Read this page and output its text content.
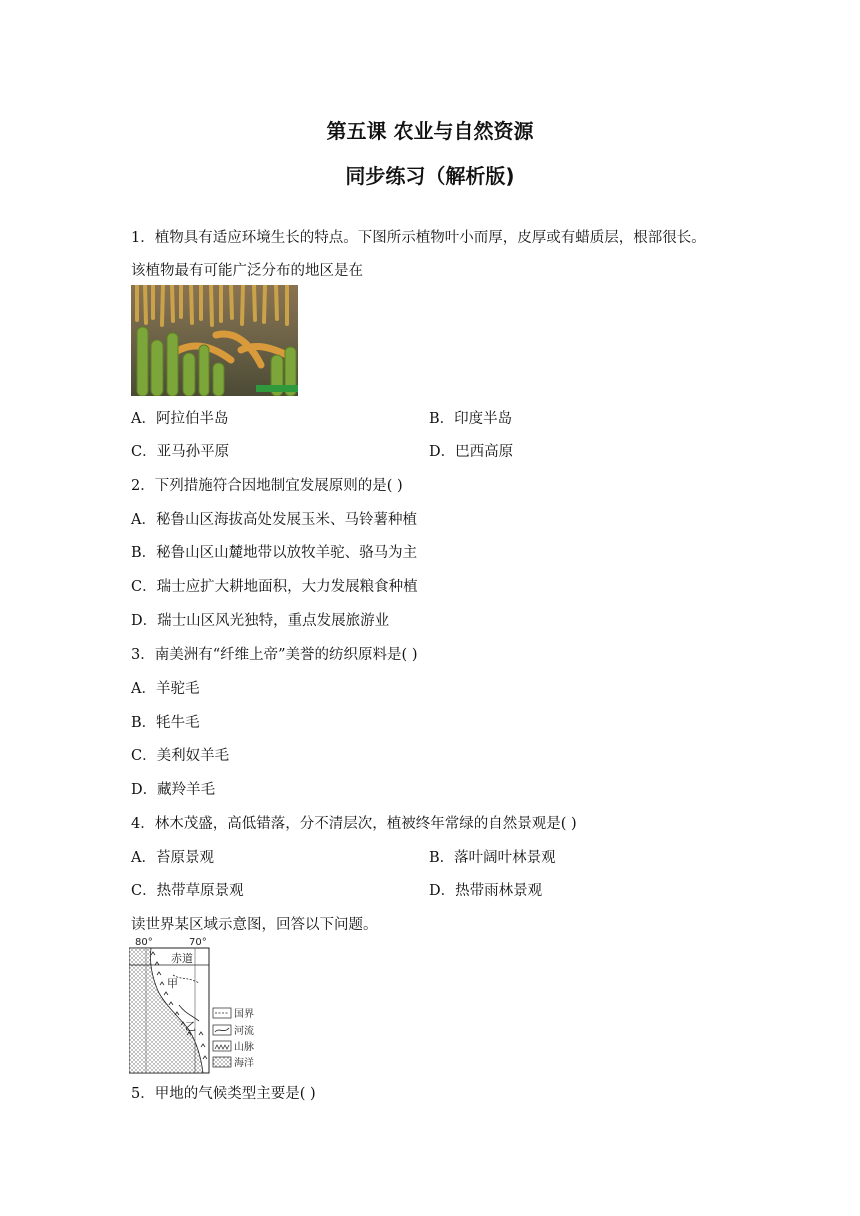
第五课 农业与自然资源
同步练习（解析版)
1．植物具有适应环境生长的特点。下图所示植物叶小而厚，皮厚或有蜡质层，根部很长。
该植物最有可能广泛分布的地区是在
A．阿拉伯半岛	B．印度半岛
C．亚马孙平原	D．巴西高原
2．下列措施符合因地制宜发展原则的是( )
A．秘鲁山区海拔高处发展玉米、马铃薯种植
B．秘鲁山区山麓地带以放牧羊驼、骆马为主
C．瑞士应扩大耕地面积，大力发展粮食种植
D．瑞士山区风光独特，重点发展旅游业
3．南美洲有“纤维上帝”美誉的纺织原料是( )
A．羊驼毛
B．牦牛毛
C．美利奴羊毛
D．藏羚羊毛
4．林木茂盛，高低错落，分不清层次，植被终年常绿的自然景观是( )
A．苔原景观	B．落叶阔叶林景观
C．热带草原景观	D．热带雨林景观
读世界某区域示意图，回答以下问题。
80°	70°
赤道
甲
乙
国界
河流
山脉
海洋
5．甲地的气候类型主要是( )
